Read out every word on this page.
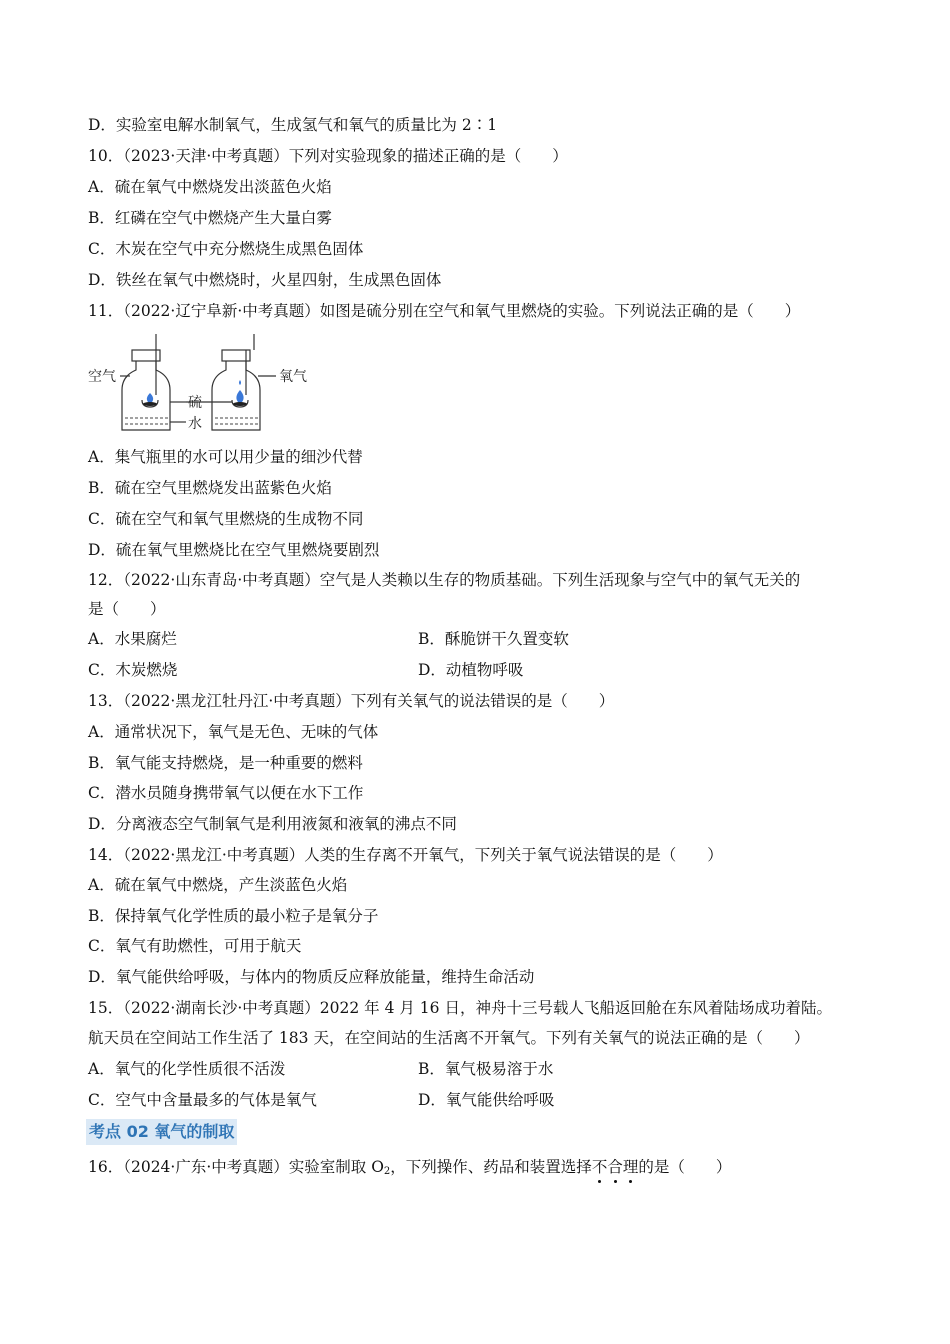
D．实验室电解水制氧气，生成氢气和氧气的质量比为 2∶1
10．（2023·天津·中考真题）下列对实验现象的描述正确的是（　　）
A．硫在氧气中燃烧发出淡蓝色火焰
B．红磷在空气中燃烧产生大量白雾
C．木炭在空气中充分燃烧生成黑色固体
D．铁丝在氧气中燃烧时，火星四射，生成黑色固体
11．（2022·辽宁阜新·中考真题）如图是硫分别在空气和氧气里燃烧的实验。下列说法正确的是（　　）
空气	氧气
硫
水
A．集气瓶里的水可以用少量的细沙代替
B．硫在空气里燃烧发出蓝紫色火焰
C．硫在空气和氧气里燃烧的生成物不同
D．硫在氧气里燃烧比在空气里燃烧要剧烈
12．（2022·山东青岛·中考真题）空气是人类赖以生存的物质基础。下列生活现象与空气中的氧气无关的
是（　　）
A．水果腐烂	B．酥脆饼干久置变软
C．木炭燃烧	D．动植物呼吸
13．（2022·黑龙江牡丹江·中考真题）下列有关氧气的说法错误的是（　　）
A．通常状况下，氧气是无色、无味的气体
B．氧气能支持燃烧，是一种重要的燃料
C．潜水员随身携带氧气以便在水下工作
D．分离液态空气制氧气是利用液氮和液氧的沸点不同
14．（2022·黑龙江·中考真题）人类的生存离不开氧气，下列关于氧气说法错误的是（　　）
A．硫在氧气中燃烧，产生淡蓝色火焰
B．保持氧气化学性质的最小粒子是氧分子
C．氧气有助燃性，可用于航天
D．氧气能供给呼吸，与体内的物质反应释放能量，维持生命活动
15．（2022·湖南长沙·中考真题）2022 年 4 月 16 日，神舟十三号载人飞船返回舱在东风着陆场成功着陆。
航天员在空间站工作生活了 183 天，在空间站的生活离不开氧气。下列有关氧气的说法正确的是（　　）
A．氧气的化学性质很不活泼	B．氧气极易溶于水
C．空气中含量最多的气体是氧气	D．氧气能供给呼吸
考点 02 氧气的制取
16．（2024·广东·中考真题）实验室制取 $O_2$，下列操作、药品和装置选择不合理的是（　　）
